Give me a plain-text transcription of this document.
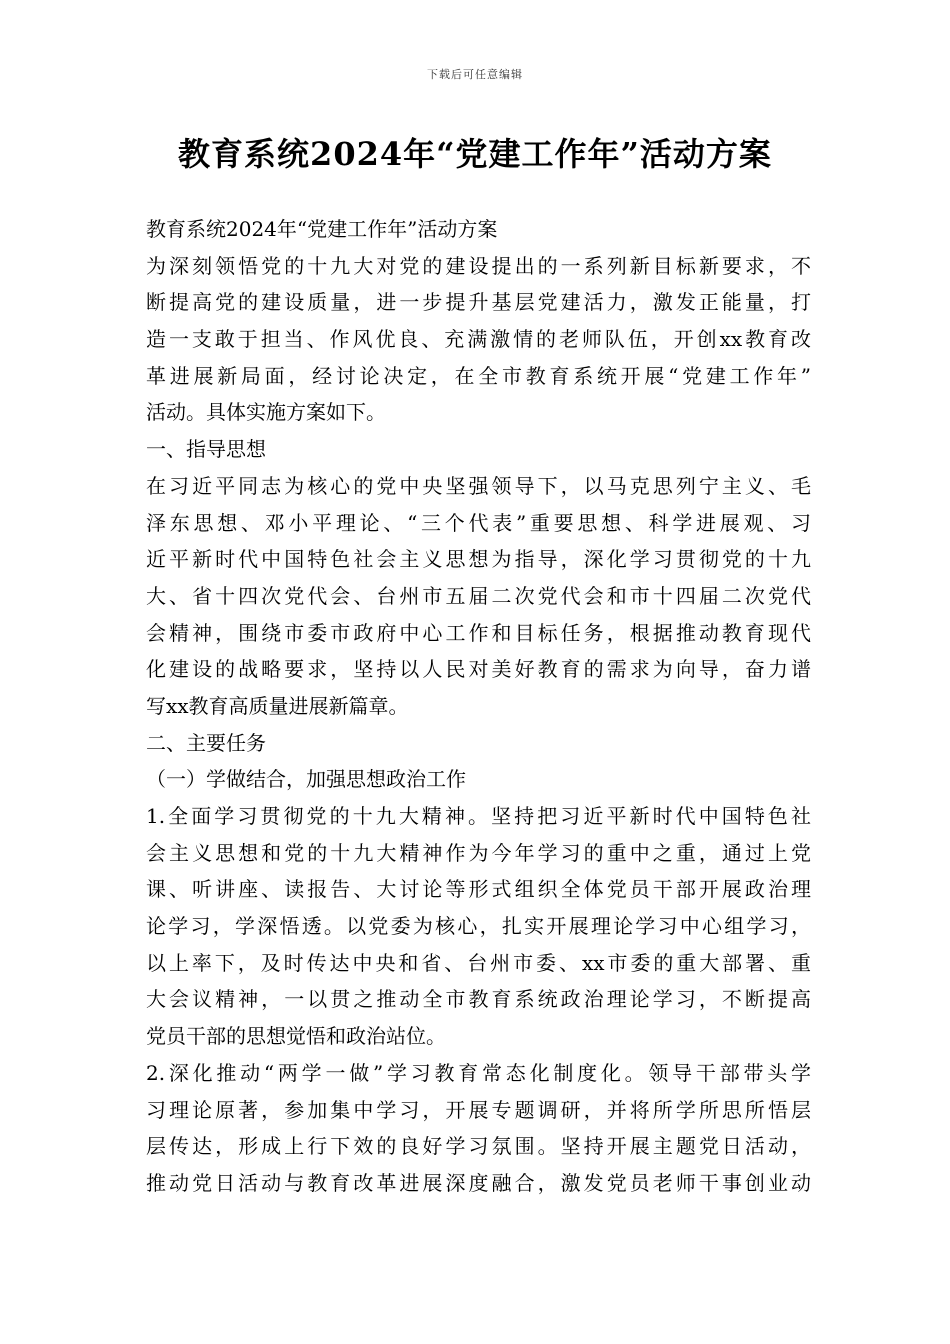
下载后可任意编辑
教育系统2024年“党建工作年”活动方案
教育系统2024年“党建工作年”活动方案
为深刻领悟党的十九大对党的建设提出的一系列新目标新要求，不
断提高党的建设质量，进一步提升基层党建活力，激发正能量，打
造一支敢于担当、作风优良、充满激情的老师队伍，开创xx教育改
革进展新局面，经讨论决定，在全市教育系统开展“党建工作年”
活动。具体实施方案如下。
一、指导思想
在习近平同志为核心的党中央坚强领导下，以马克思列宁主义、毛
泽东思想、邓小平理论、“三个代表”重要思想、科学进展观、习
近平新时代中国特色社会主义思想为指导，深化学习贯彻党的十九
大、省十四次党代会、台州市五届二次党代会和市十四届二次党代
会精神，围绕市委市政府中心工作和目标任务，根据推动教育现代
化建设的战略要求，坚持以人民对美好教育的需求为向导，奋力谱
写xx教育高质量进展新篇章。
二、主要任务
（一）学做结合，加强思想政治工作
1.全面学习贯彻党的十九大精神。坚持把习近平新时代中国特色社
会主义思想和党的十九大精神作为今年学习的重中之重，通过上党
课、听讲座、读报告、大讨论等形式组织全体党员干部开展政治理
论学习，学深悟透。以党委为核心，扎实开展理论学习中心组学习，
以上率下，及时传达中央和省、台州市委、xx市委的重大部署、重
大会议精神，一以贯之推动全市教育系统政治理论学习，不断提高
党员干部的思想觉悟和政治站位。
2.深化推动“两学一做”学习教育常态化制度化。领导干部带头学
习理论原著，参加集中学习，开展专题调研，并将所学所思所悟层
层传达，形成上行下效的良好学习氛围。坚持开展主题党日活动，
推动党日活动与教育改革进展深度融合，激发党员老师干事创业动
